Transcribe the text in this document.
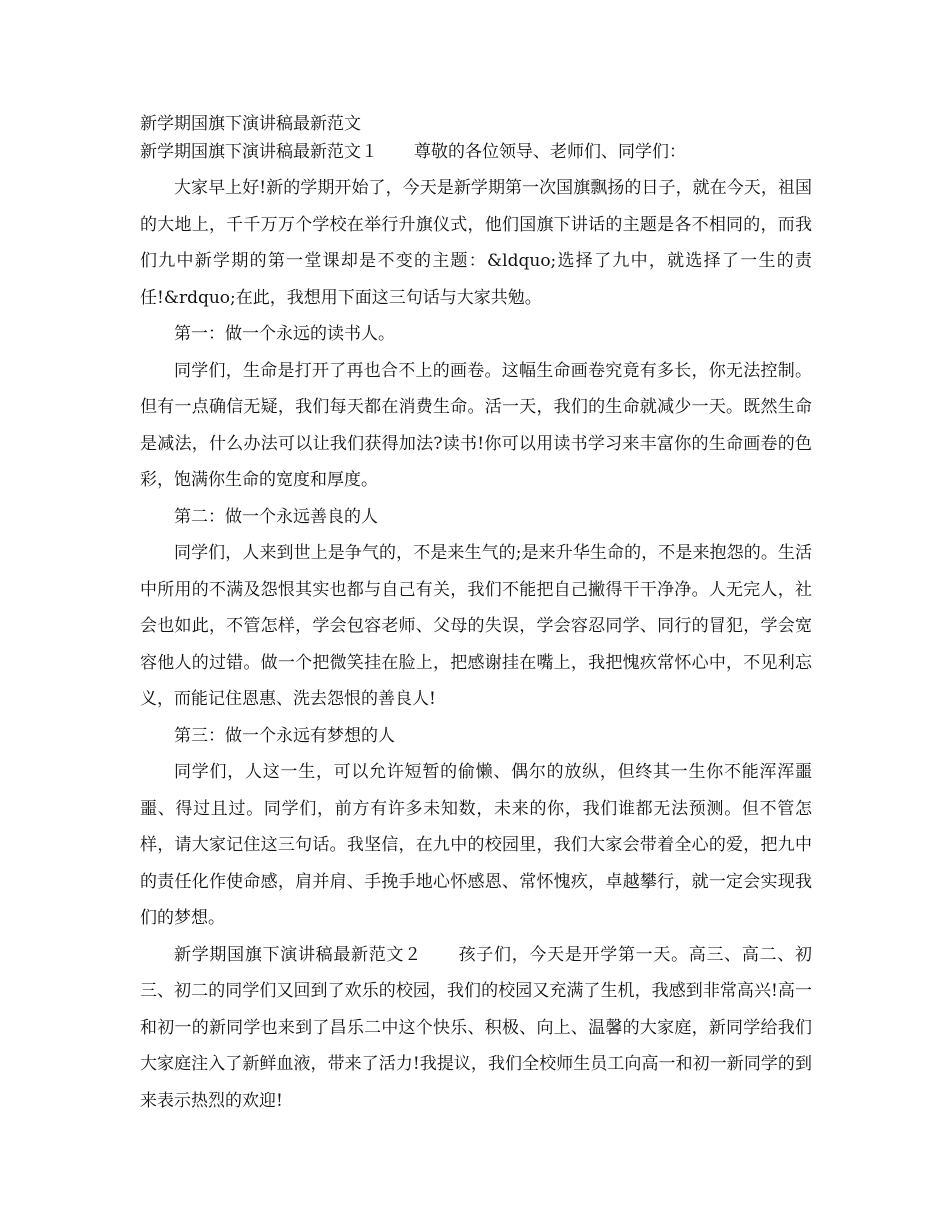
新学期国旗下演讲稿最新范文
新学期国旗下演讲稿最新范文１ 尊敬的各位领导、老师们、同学们：

大家早上好!新的学期开始了，今天是新学期第一次国旗飘扬的日子，就在今天，祖国的大地上，千千万万个学校在举行升旗仪式，他们国旗下讲话的主题是各不相同的，而我们九中新学期的第一堂课却是不变的主题：&ldquo;选择了九中，就选择了一生的责任!&rdquo;在此，我想用下面这三句话与大家共勉。

第一：做一个永远的读书人。

同学们，生命是打开了再也合不上的画卷。这幅生命画卷究竟有多长，你无法控制。但有一点确信无疑，我们每天都在消费生命。活一天，我们的生命就减少一天。既然生命是减法，什么办法可以让我们获得加法?读书!你可以用读书学习来丰富你的生命画卷的色彩，饱满你生命的宽度和厚度。

第二：做一个永远善良的人

同学们，人来到世上是争气的，不是来生气的;是来升华生命的，不是来抱怨的。生活中所用的不满及怨恨其实也都与自己有关，我们不能把自己撇得干干净净。人无完人，社会也如此，不管怎样，学会包容老师、父母的失误，学会容忍同学、同行的冒犯，学会宽容他人的过错。做一个把微笑挂在脸上，把感谢挂在嘴上，我把愧疚常怀心中，不见利忘义，而能记住恩惠、洗去怨恨的善良人!

第三：做一个永远有梦想的人

同学们，人这一生，可以允许短暂的偷懒、偶尔的放纵，但终其一生你不能浑浑噩噩、得过且过。同学们，前方有许多未知数，未来的你，我们谁都无法预测。但不管怎样，请大家记住这三句话。我坚信，在九中的校园里，我们大家会带着全心的爱，把九中的责任化作使命感，肩并肩、手挽手地心怀感恩、常怀愧疚，卓越攀行，就一定会实现我们的梦想。

新学期国旗下演讲稿最新范文２ 孩子们，今天是开学第一天。高三、高二、初三、初二的同学们又回到了欢乐的校园，我们的校园又充满了生机，我感到非常高兴!高一和初一的新同学也来到了昌乐二中这个快乐、积极、向上、温馨的大家庭，新同学给我们大家庭注入了新鲜血液，带来了活力!我提议，我们全校师生员工向高一和初一新同学的到来表示热烈的欢迎!
